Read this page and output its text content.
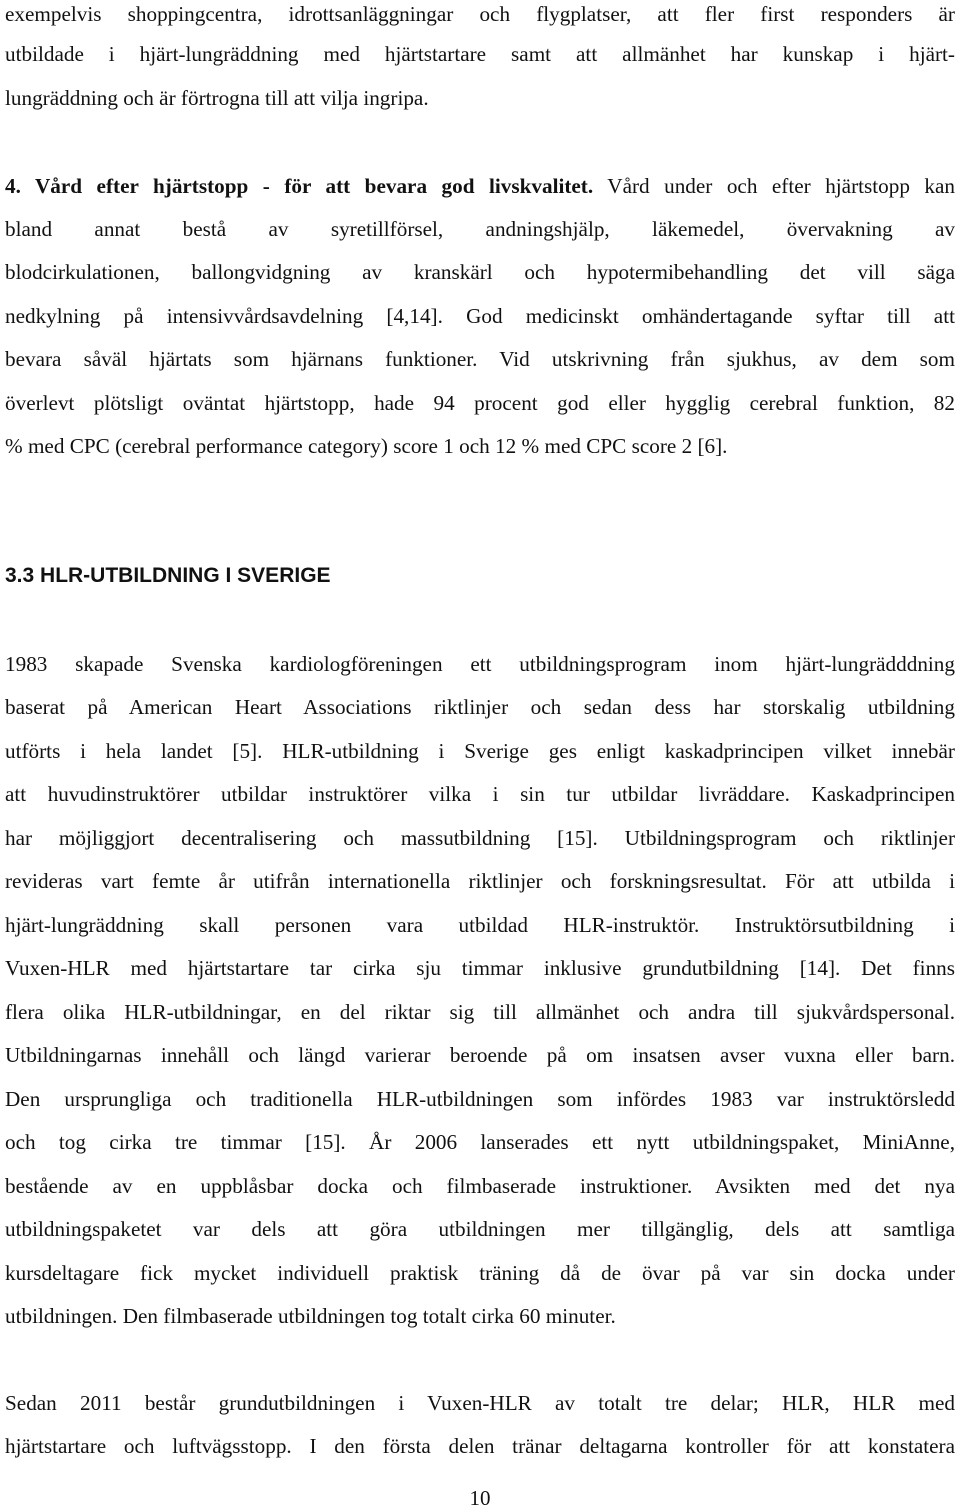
exempelvis shoppingcentra, idrottsanläggningar och flygplatser, att fler first responders är
utbildade i hjärt-lungräddning med hjärtstartare samt att allmänhet har kunskap i hjärt-
lungräddning och är förtrogna till att vilja ingripa.
4. Vård efter hjärtstopp - för att bevara god livskvalitet. Vård under och efter hjärtstopp kan
bland annat bestå av syretillförsel, andningshjälp, läkemedel, övervakning av
blodcirkulationen, ballongvidgning av kranskärl och hypotermibehandling det vill säga
nedkylning på intensivvårdsavdelning [4,14]. God medicinskt omhändertagande syftar till att
bevara såväl hjärtats som hjärnans funktioner. Vid utskrivning från sjukhus, av dem som
överlevt plötsligt oväntat hjärtstopp, hade 94 procent god eller hygglig cerebral funktion, 82
% med CPC (cerebral performance category) score 1 och 12 % med CPC score 2 [6].
3.3 HLR-UTBILDNING I SVERIGE
1983 skapade Svenska kardiologföreningen ett utbildningsprogram inom hjärt-lungrädddning
baserat på American Heart Associations riktlinjer och sedan dess har storskalig utbildning
utförts i hela landet [5]. HLR-utbildning i Sverige ges enligt kaskadprincipen vilket innebär
att huvudinstruktörer utbildar instruktörer vilka i sin tur utbildar livräddare. Kaskadprincipen
har möjliggjort decentralisering och massutbildning [15]. Utbildningsprogram och riktlinjer
revideras vart femte år utifrån internationella riktlinjer och forskningsresultat. För att utbilda i
hjärt-lungräddning skall personen vara utbildad HLR-instruktör. Instruktörsutbildning i
Vuxen-HLR med hjärtstartare tar cirka sju timmar inklusive grundutbildning [14]. Det finns
flera olika HLR-utbildningar, en del riktar sig till allmänhet och andra till sjukvårdspersonal.
Utbildningarnas innehåll och längd varierar beroende på om insatsen avser vuxna eller barn.
Den ursprungliga och traditionella HLR-utbildningen som infördes 1983 var instruktörsledd
och tog cirka tre timmar [15]. År 2006 lanserades ett nytt utbildningspaket, MiniAnne,
bestående av en uppblåsbar docka och filmbaserade instruktioner. Avsikten med det nya
utbildningspaketet var dels att göra utbildningen mer tillgänglig, dels att samtliga
kursdeltagare fick mycket individuell praktisk träning då de övar på var sin docka under
utbildningen. Den filmbaserade utbildningen tog totalt cirka 60 minuter.
Sedan 2011 består grundutbildningen i Vuxen-HLR av totalt tre delar; HLR, HLR med
hjärtstartare och luftvägsstopp. I den första delen tränar deltagarna kontroller för att konstatera
10
